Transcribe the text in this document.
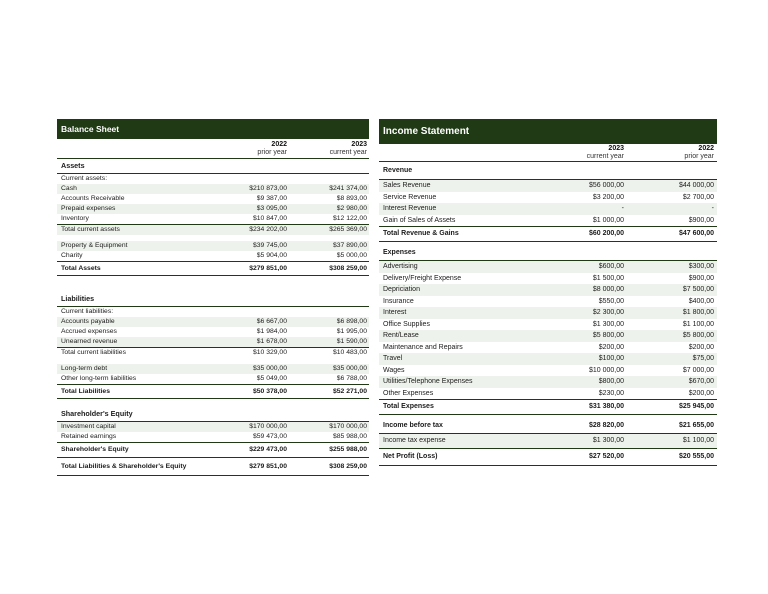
Balance Sheet
2022
prior year
2023
current year
Assets
Current assets:
Cash	$210 873,00	$241 374,00
Accounts Receivable	$9 387,00	$8 893,00
Prepaid expenses	$3 095,00	$2 980,00
Inventory	$10 847,00	$12 122,00
Total current assets	$234 202,00	$265 369,00
Property & Equipment	$39 745,00	$37 890,00
Charity	$5 904,00	$5 000,00
Total Assets	$279 851,00	$308 259,00
Liabilities
Current liabilities:
Accounts payable	$6 667,00	$6 898,00
Accrued expenses	$1 984,00	$1 995,00
Unearned revenue	$1 678,00	$1 590,00
Total current liabilities	$10 329,00	$10 483,00
Long-term debt	$35 000,00	$35 000,00
Other long-term liabilities	$5 049,00	$6 788,00
Total Liabilities	$50 378,00	$52 271,00
Shareholder's Equity
Investment capital	$170 000,00	$170 000,00
Retained earnings	$59 473,00	$85 988,00
Shareholder's Equity	$229 473,00	$255 988,00
Total Liabilities & Shareholder's Equity	$279 851,00	$308 259,00
Income Statement
2023
current year
2022
prior year
Revenue
Sales Revenue	$56 000,00	$44 000,00
Service Revenue	$3 200,00	$2 700,00
Interest Revenue	-	-
Gain of Sales of Assets	$1 000,00	$900,00
Total Revenue & Gains	$60 200,00	$47 600,00
Expenses
Advertising	$600,00	$300,00
Delivery/Freight Expense	$1 500,00	$900,00
Depriciation	$8 000,00	$7 500,00
Insurance	$550,00	$400,00
Interest	$2 300,00	$1 800,00
Office Supplies	$1 300,00	$1 100,00
Rent/Lease	$5 800,00	$5 800,00
Maintenance and Repairs	$200,00	$200,00
Travel	$100,00	$75,00
Wages	$10 000,00	$7 000,00
Utilities/Telephone Expenses	$800,00	$670,00
Other Expenses	$230,00	$200,00
Total Expenses	$31 380,00	$25 945,00
Income before tax	$28 820,00	$21 655,00
Income tax expense	$1 300,00	$1 100,00
Net Profit (Loss)	$27 520,00	$20 555,00
